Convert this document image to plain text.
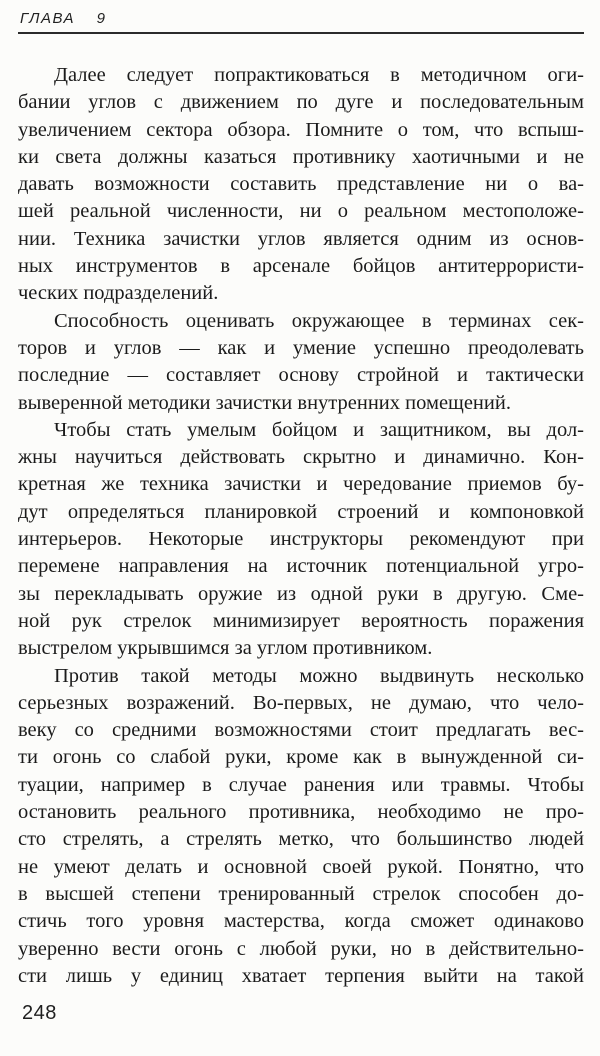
ГЛАВА 9
Далее следует попрактиковаться в методичном оги-
бании углов с движением по дуге и последовательным
увеличением сектора обзора. Помните о том, что вспыш-
ки света должны казаться противнику хаотичными и не
давать возможности составить представление ни о ва-
шей реальной численности, ни о реальном местоположе-
нии. Техника зачистки углов является одним из основ-
ных инструментов в арсенале бойцов антитеррористи-
ческих подразделений.
Способность оценивать окружающее в терминах сек-
торов и углов — как и умение успешно преодолевать
последние — составляет основу стройной и тактически
выверенной методики зачистки внутренних помещений.
Чтобы стать умелым бойцом и защитником, вы дол-
жны научиться действовать скрытно и динамично. Кон-
кретная же техника зачистки и чередование приемов бу-
дут определяться планировкой строений и компоновкой
интерьеров. Некоторые инструкторы рекомендуют при
перемене направления на источник потенциальной угро-
зы перекладывать оружие из одной руки в другую. Сме-
ной рук стрелок минимизирует вероятность поражения
выстрелом укрывшимся за углом противником.
Против такой методы можно выдвинуть несколько
серьезных возражений. Во-первых, не думаю, что чело-
веку со средними возможностями стоит предлагать вес-
ти огонь со слабой руки, кроме как в вынужденной си-
туации, например в случае ранения или травмы. Чтобы
остановить реального противника, необходимо не про-
сто стрелять, а стрелять метко, что большинство людей
не умеют делать и основной своей рукой. Понятно, что
в высшей степени тренированный стрелок способен до-
стичь того уровня мастерства, когда сможет одинаково
уверенно вести огонь с любой руки, но в действительно-
сти лишь у единиц хватает терпения выйти на такой
248
